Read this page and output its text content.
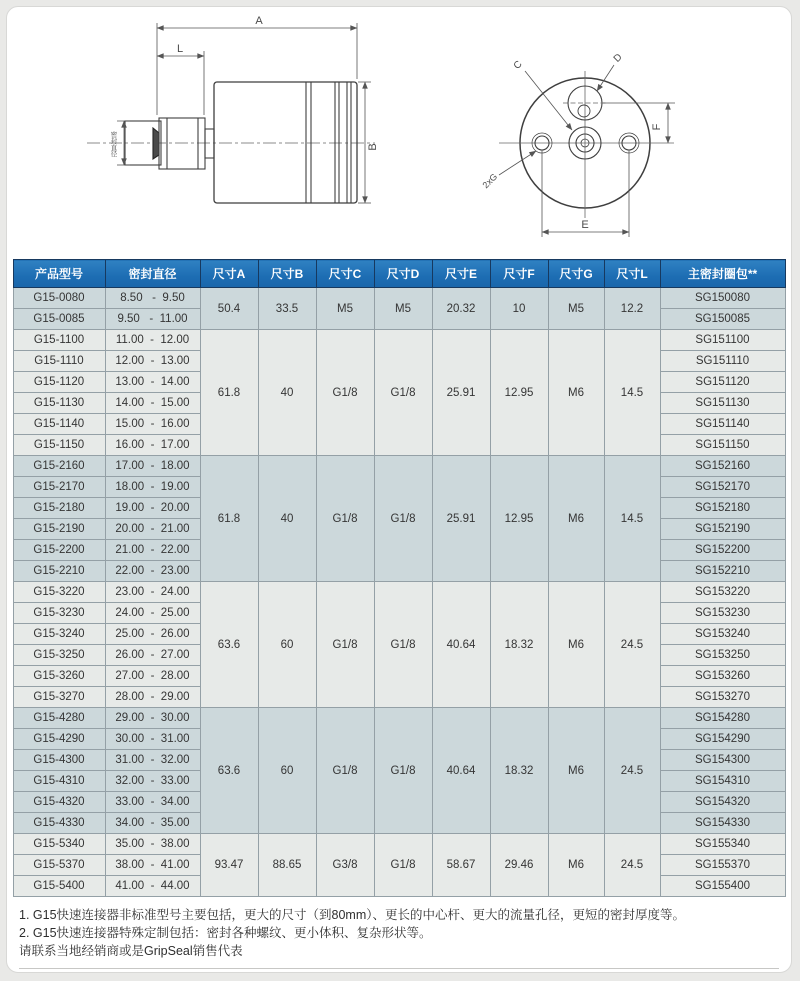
A
L
B
密封直径
C
D
2xG
E
F
产品型号	密封直径	尺寸A	尺寸B	尺寸C	尺寸D	尺寸E	尺寸F	尺寸G	尺寸L	主密封圈包**
G15-0080	8.50   -  9.50	50.4	33.5	M5	M5	20.32	10	M5	12.2	SG150080
G15-0085	9.50   -  11.00									SG150085
G15-1100	11.00  -  12.00	61.8	40	G1/8	G1/8	25.91	12.95	M6	14.5	SG151100
G15-1110	12.00  -  13.00									SG151110
G15-1120	13.00  -  14.00									SG151120
G15-1130	14.00  -  15.00									SG151130
G15-1140	15.00  -  16.00									SG151140
G15-1150	16.00  -  17.00									SG151150
G15-2160	17.00  -  18.00	61.8	40	G1/8	G1/8	25.91	12.95	M6	14.5	SG152160
G15-2170	18.00  -  19.00									SG152170
G15-2180	19.00  -  20.00									SG152180
G15-2190	20.00  -  21.00									SG152190
G15-2200	21.00  -  22.00									SG152200
G15-2210	22.00  -  23.00									SG152210
G15-3220	23.00  -  24.00	63.6	60	G1/8	G1/8	40.64	18.32	M6	24.5	SG153220
G15-3230	24.00  -  25.00									SG153230
G15-3240	25.00  -  26.00									SG153240
G15-3250	26.00  -  27.00									SG153250
G15-3260	27.00  -  28.00									SG153260
G15-3270	28.00  -  29.00									SG153270
G15-4280	29.00  -  30.00	63.6	60	G1/8	G1/8	40.64	18.32	M6	24.5	SG154280
G15-4290	30.00  -  31.00									SG154290
G15-4300	31.00  -  32.00									SG154300
G15-4310	32.00  -  33.00									SG154310
G15-4320	33.00  -  34.00									SG154320
G15-4330	34.00  -  35.00									SG154330
G15-5340	35.00  -  38.00	93.47	88.65	G3/8	G1/8	58.67	29.46	M6	24.5	SG155340
G15-5370	38.00  -  41.00									SG155370
G15-5400	41.00  -  44.00									SG155400
1. G15快速连接器非标准型号主要包括，更大的尺寸（到80mm）、更长的中心杆、更大的流量孔径，更短的密封厚度等。
2. G15快速连接器特殊定制包括：密封各种螺纹、更小体积、复杂形状等。
请联系当地经销商或是GripSeal销售代表
